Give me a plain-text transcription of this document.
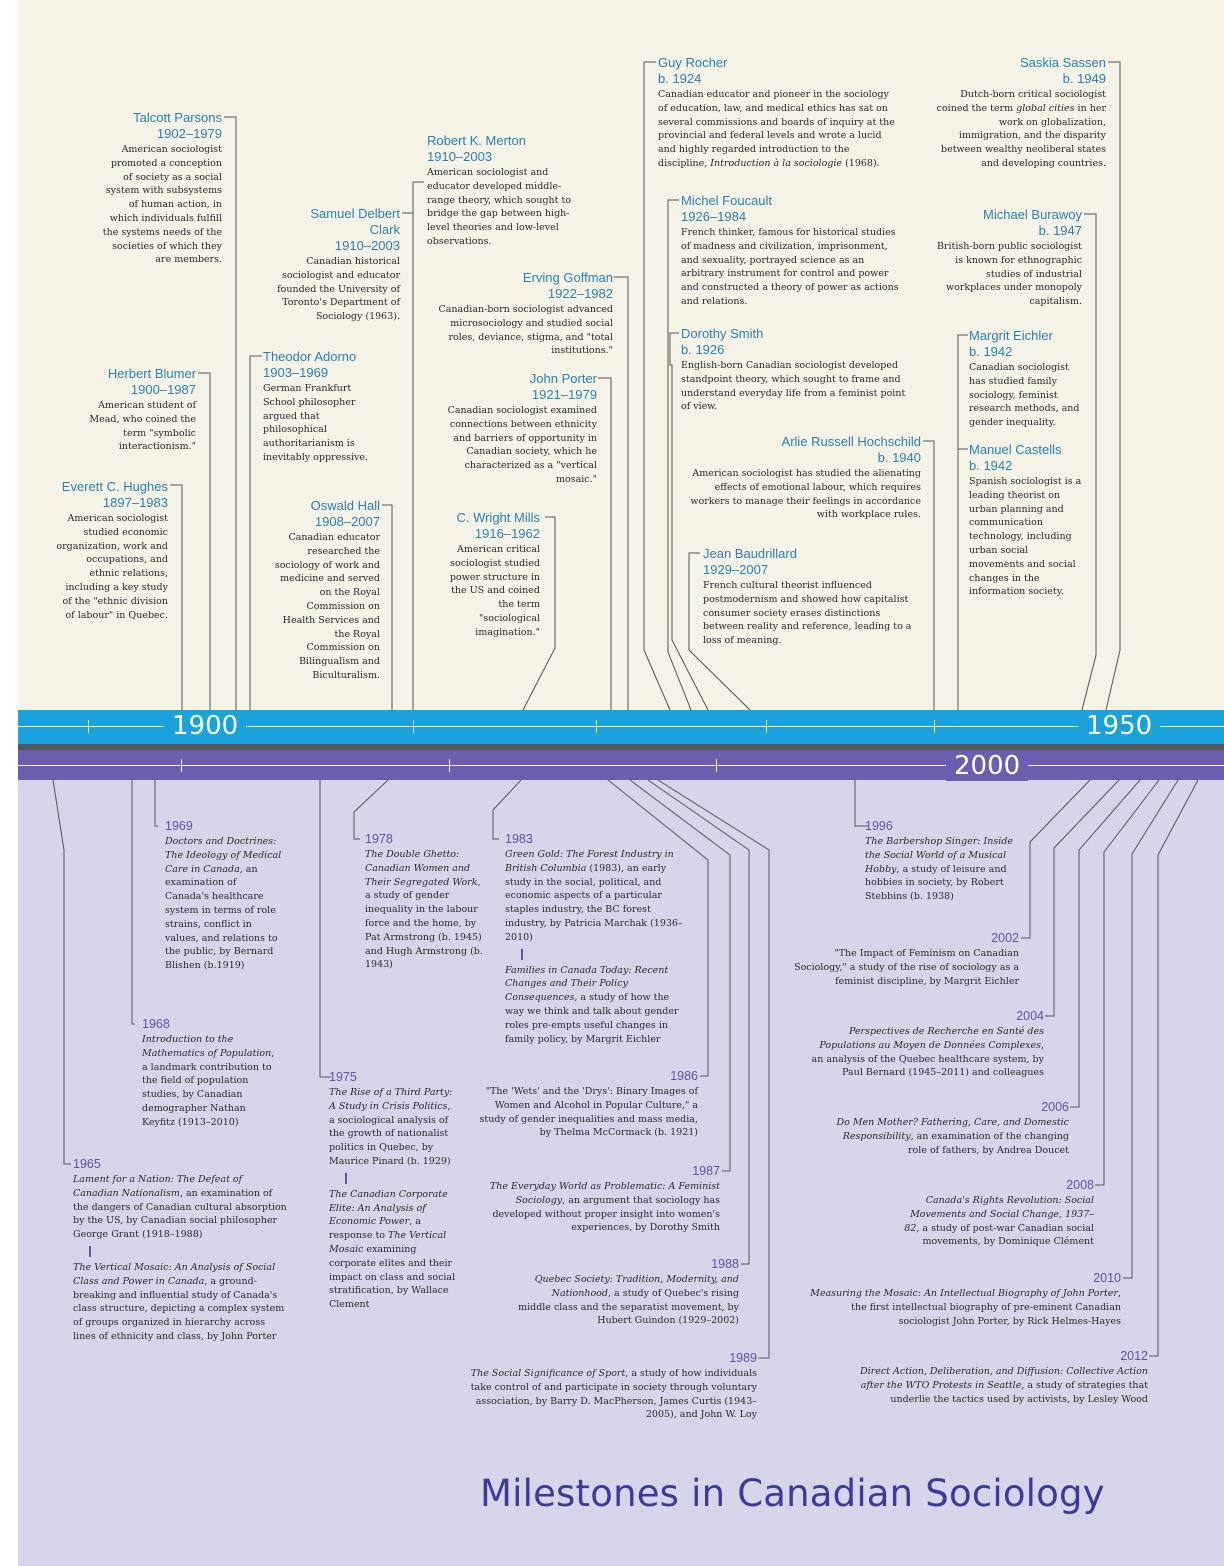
1900	1950
2000
Talcott Parsons
1902–1979
American sociologist promoted a conception of society as a social system with subsystems of human action, in which individuals fulfill the systems needs of the societies of which they are members.
Herbert Blumer
1900–1987
American student of Mead, who coined the term "symbolic interactionism."
Everett C. Hughes
1897–1983
American sociologist studied economic organization, work and occupations, and ethnic relations, including a key study of the "ethnic division of labour" in Quebec.
Samuel Delbert Clark
1910–2003
Canadian historical sociologist and educator founded the University of Toronto's Department of Sociology (1963).
Theodor Adorno
1903–1969
German Frankfurt School philosopher argued that philosophical authoritarianism is inevitably oppressive.
Oswald Hall
1908–2007
Canadian educator researched the sociology of work and medicine and served on the Royal Commission on Health Services and the Royal Commission on Bilingualism and Biculturalism.
Robert K. Merton
1910–2003
American sociologist and educator developed middle-range theory, which sought to bridge the gap between high-level theories and low-level observations.
Erving Goffman
1922–1982
Canadian-born sociologist advanced microsociology and studied social roles, deviance, stigma, and "total institutions."
John Porter
1921–1979
Canadian sociologist examined connections between ethnicity and barriers of opportunity in Canadian society, which he characterized as a "vertical mosaic."
C. Wright Mills
1916–1962
American critical sociologist studied power structure in the US and coined the term "sociological imagination."
Guy Rocher
b. 1924
Canadian educator and pioneer in the sociology of education, law, and medical ethics has sat on several commissions and boards of inquiry at the provincial and federal levels and wrote a lucid and highly regarded introduction to the discipline, Introduction à la sociologie (1968).
Michel Foucault
1926–1984
French thinker, famous for historical studies of madness and civilization, imprisonment, and sexuality, portrayed science as an arbitrary instrument for control and power and constructed a theory of power as actions and relations.
Dorothy Smith
b. 1926
English-born Canadian sociologist developed standpoint theory, which sought to frame and understand everyday life from a feminist point of view.
Arlie Russell Hochschild
b. 1940
American sociologist has studied the alienating effects of emotional labour, which requires workers to manage their feelings in accordance with workplace rules.
Jean Baudrillard
1929–2007
French cultural theorist influenced postmodernism and showed how capitalist consumer society erases distinctions between reality and reference, leading to a loss of meaning.
Saskia Sassen
b. 1949
Dutch-born critical sociologist coined the term global cities in her work on globalization, immigration, and the disparity between wealthy neoliberal states and developing countries.
Michael Burawoy
b. 1947
British-born public sociologist is known for ethnographic studies of industrial workplaces under monopoly capitalism.
Margrit Eichler
b. 1942
Canadian sociologist has studied family sociology, feminist research methods, and gender inequality.
Manuel Castells
b. 1942
Spanish sociologist is a leading theorist on urban planning and communication technology, including urban social movements and social changes in the information society.
1969
Doctors and Doctrines: The Ideology of Medical Care in Canada, an examination of Canada's healthcare system in terms of role strains, conflict in values, and relations to the public, by Bernard Blishen (b.1919)
1968
Introduction to the Mathematics of Population, a landmark contribution to the field of population studies, by Canadian demographer Nathan Keyfitz (1913–2010)
1965
Lament for a Nation: The Defeat of Canadian Nationalism, an examination of the dangers of Canadian cultural absorption by the US, by Canadian social philosopher George Grant (1918–1988)
The Vertical Mosaic: An Analysis of Social Class and Power in Canada, a ground-breaking and influential study of Canada's class structure, depicting a complex system of groups organized in hierarchy across lines of ethnicity and class, by John Porter
1978
The Double Ghetto: Canadian Women and Their Segregated Work, a study of gender inequality in the labour force and the home, by Pat Armstrong (b. 1945) and Hugh Armstrong (b. 1943)
1975
The Rise of a Third Party: A Study in Crisis Politics, a sociological analysis of the growth of nationalist politics in Quebec, by Maurice Pinard (b. 1929)
The Canadian Corporate Elite: An Analysis of Economic Power, a response to The Vertical Mosaic examining corporate elites and their impact on class and social stratification, by Wallace Clement
1983
Green Gold: The Forest Industry in British Columbia (1983), an early study in the social, political, and economic aspects of a particular staples industry, the BC forest industry, by Patricia Marchak (1936–2010)
Families in Canada Today: Recent Changes and Their Policy Consequences, a study of how the way we think and talk about gender roles pre-empts useful changes in family policy, by Margrit Eichler
1986
"The 'Wets' and the 'Drys': Binary Images of Women and Alcohol in Popular Culture," a study of gender inequalities and mass media, by Thelma McCormack (b. 1921)
1987
The Everyday World as Problematic: A Feminist Sociology, an argument that sociology has developed without proper insight into women's experiences, by Dorothy Smith
1988
Quebec Society: Tradition, Modernity, and Nationhood, a study of Quebec's rising middle class and the separatist movement, by Hubert Guindon (1929–2002)
1989
The Social Significance of Sport, a study of how individuals take control of and participate in society through voluntary association, by Barry D. MacPherson, James Curtis (1943–2005), and John W. Loy
1996
The Barbershop Singer: Inside the Social World of a Musical Hobby, a study of leisure and hobbies in society, by Robert Stebbins (b. 1938)
2002
"The Impact of Feminism on Canadian Sociology," a study of the rise of sociology as a feminist discipline, by Margrit Eichler
2004
Perspectives de Recherche en Santé des Populations au Moyen de Données Complexes, an analysis of the Quebec healthcare system, by Paul Bernard (1945–2011) and colleagues
2006
Do Men Mother? Fathering, Care, and Domestic Responsibility, an examination of the changing role of fathers, by Andrea Doucet
2008
Canada's Rights Revolution: Social Movements and Social Change, 1937–82, a study of post-war Canadian social movements, by Dominique Clément
2010
Measuring the Mosaic: An Intellectual Biography of John Porter, the first intellectual biography of pre-eminent Canadian sociologist John Porter, by Rick Helmes-Hayes
2012
Direct Action, Deliberation, and Diffusion: Collective Action after the WTO Protests in Seattle, a study of strategies that underlie the tactics used by activists, by Lesley Wood
Milestones in Canadian Sociology
